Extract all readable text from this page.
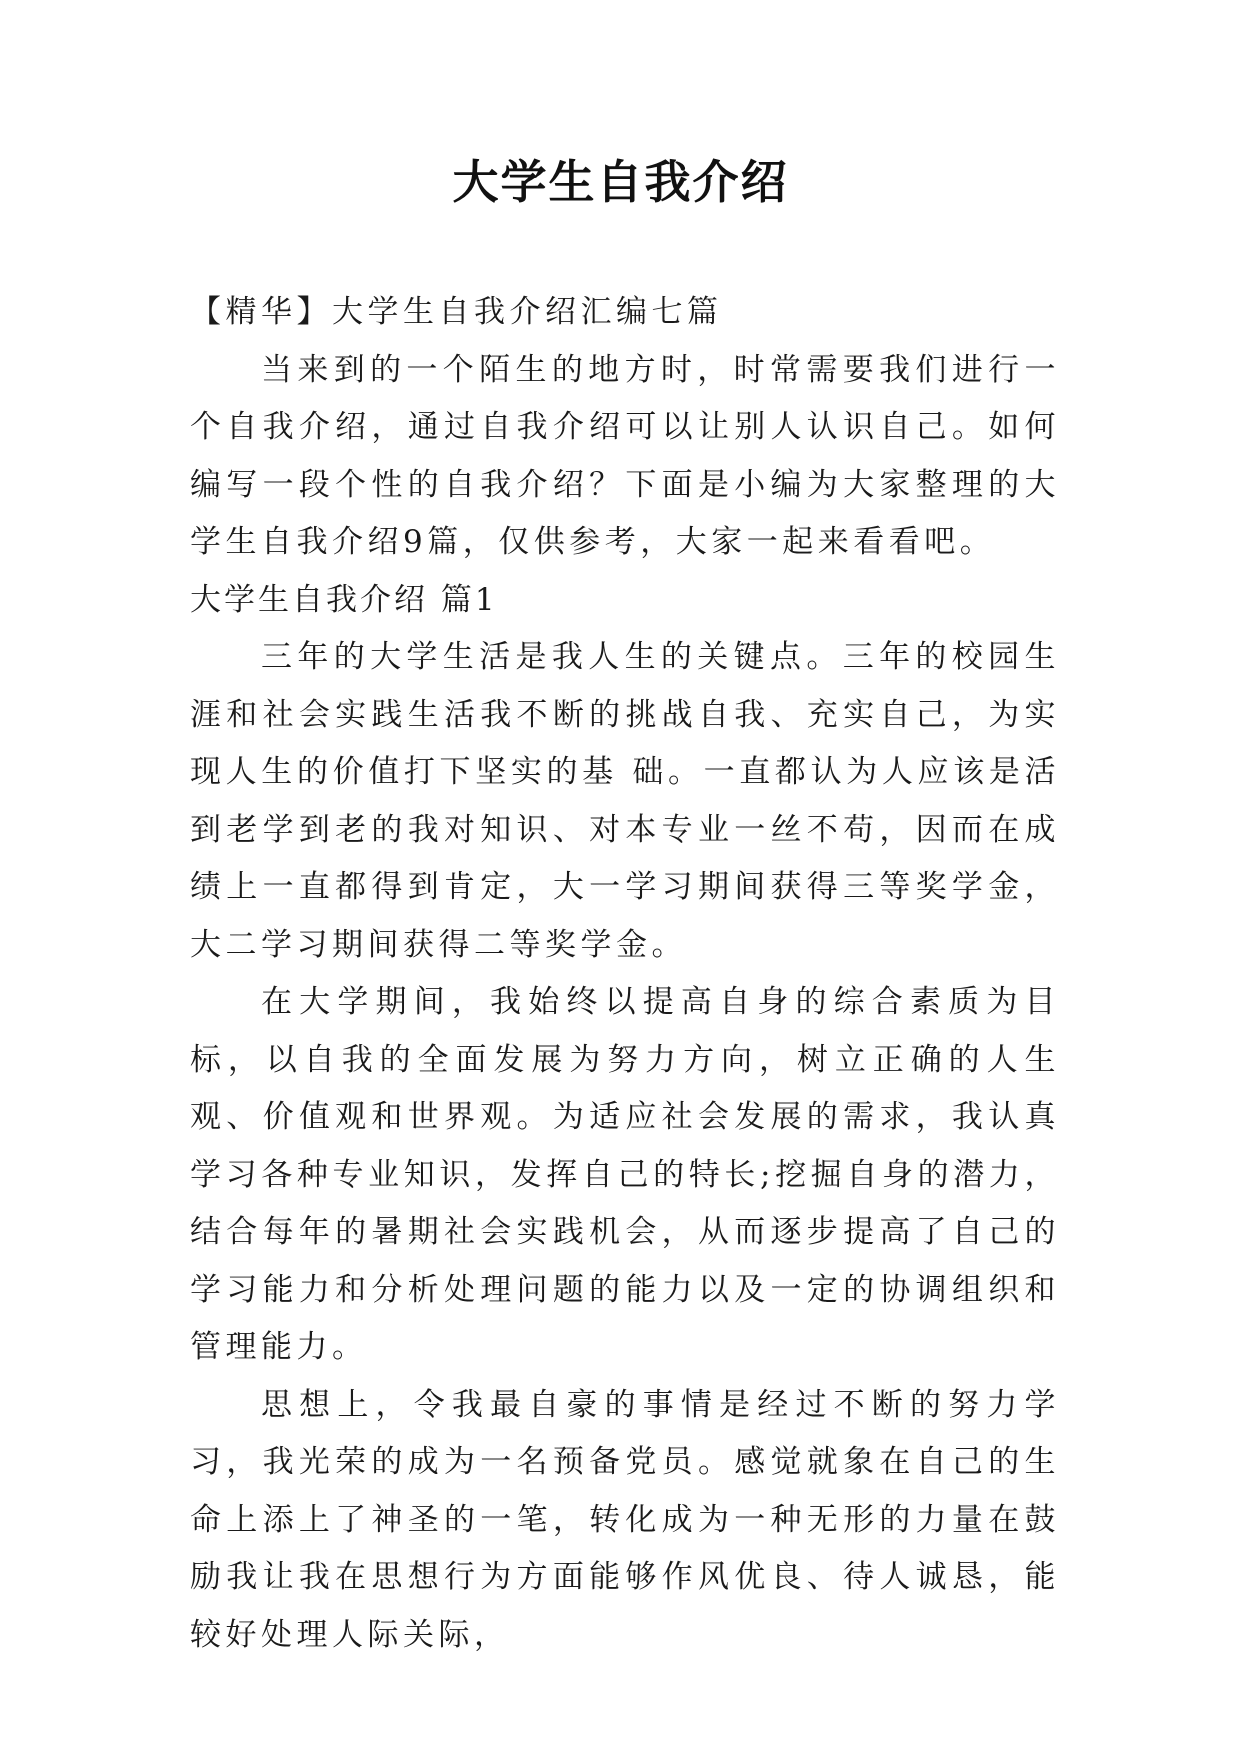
大学生自我介绍

【精华】大学生自我介绍汇编七篇

当来到的一个陌生的地方时，时常需要我们进行一个自我介绍，通过自我介绍可以让别人认识自己。如何编写一段个性的自我介绍？下面是小编为大家整理的大学生自我介绍9篇，仅供参考，大家一起来看看吧。

大学生自我介绍 篇1

三年的大学生活是我人生的关键点。三年的校园生涯和社会实践生活我不断的挑战自我、充实自己，为实现人生的价值打下坚实的基 础。一直都认为人应该是活到老学到老的我对知识、对本专业一丝不苟，因而在成绩上一直都得到肯定，大一学习期间获得三等奖学金，大二学习期间获得二等奖学金。

在大学期间，我始终以提高自身的综合素质为目标，以自我的全面发展为努力方向，树立正确的人生观、价值观和世界观。为适应社会发展的需求，我认真学习各种专业知识，发挥自己的特长;挖掘自身的潜力，结合每年的暑期社会实践机会，从而逐步提高了自己的学习能力和分析处理问题的能力以及一定的协调组织和管理能力。

思想上，令我最自豪的事情是经过不断的努力学习，我光荣的成为一名预备党员。感觉就象在自己的生命上添上了神圣的一笔，转化成为一种无形的力量在鼓励我让我在思想行为方面能够作风优良、待人诚恳，能较好处理人际关际，
